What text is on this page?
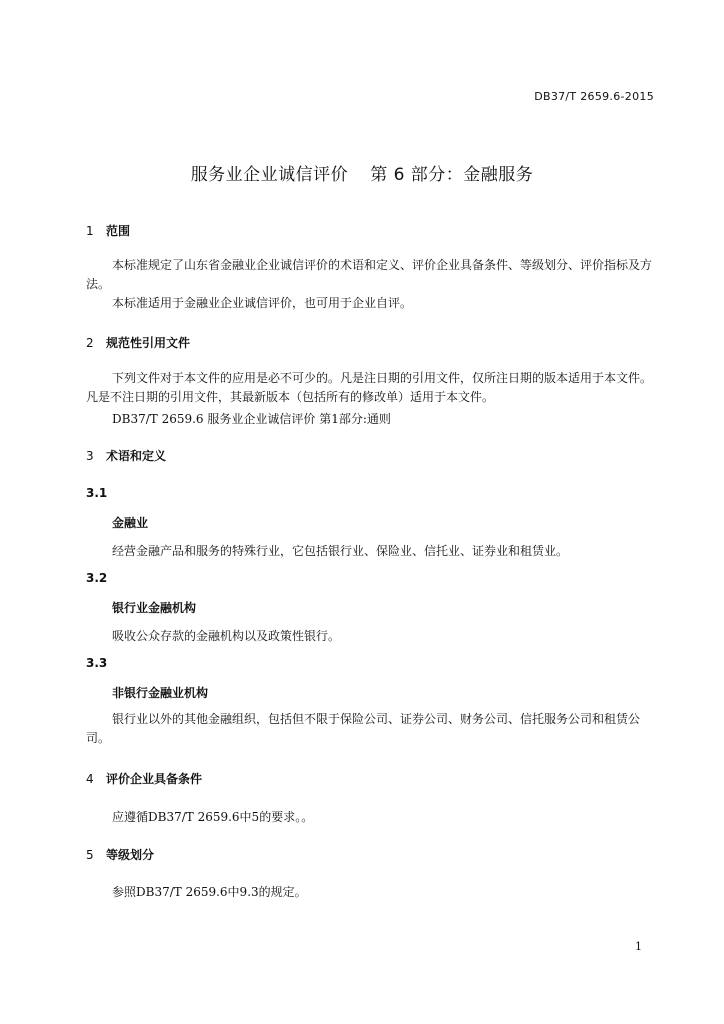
DB37/T 2659.6-2015
服务业企业诚信评价 第 6 部分：金融服务
1 范围
本标准规定了山东省金融业企业诚信评价的术语和定义、评价企业具备条件、等级划分、评价指标及方法。
本标准适用于金融业企业诚信评价，也可用于企业自评。
2 规范性引用文件
下列文件对于本文件的应用是必不可少的。凡是注日期的引用文件，仅所注日期的版本适用于本文件。凡是不注日期的引用文件，其最新版本（包括所有的修改单）适用于本文件。
DB37/T 2659.6 服务业企业诚信评价 第1部分:通则
3 术语和定义
3.1
金融业
经营金融产品和服务的特殊行业，它包括银行业、保险业、信托业、证券业和租赁业。
3.2
银行业金融机构
吸收公众存款的金融机构以及政策性银行。
3.3
非银行金融业机构
银行业以外的其他金融组织，包括但不限于保险公司、证券公司、财务公司、信托服务公司和租赁公司。
4 评价企业具备条件
应遵循DB37/T 2659.6中5的要求。。
5 等级划分
参照DB37/T 2659.6中9.3的规定。
1
